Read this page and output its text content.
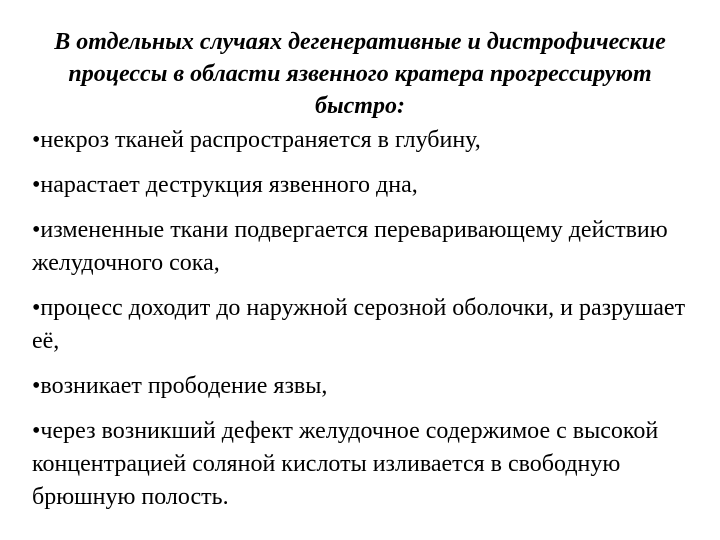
В отдельных случаях дегенеративные и дистрофические процессы в области язвенного кратера прогрессируют быстро:
•некроз тканей распространяется в глубину,
•нарастает деструкция язвенного дна,
•измененные ткани подвергается переваривающему действию желудочного сока,
•процесс доходит до наружной серозной оболочки, и разрушает её,
•возникает прободение язвы,
•через возникший дефект желудочное содержимое с высокой концентрацией соляной кислоты изливается в свободную брюшную полость.
